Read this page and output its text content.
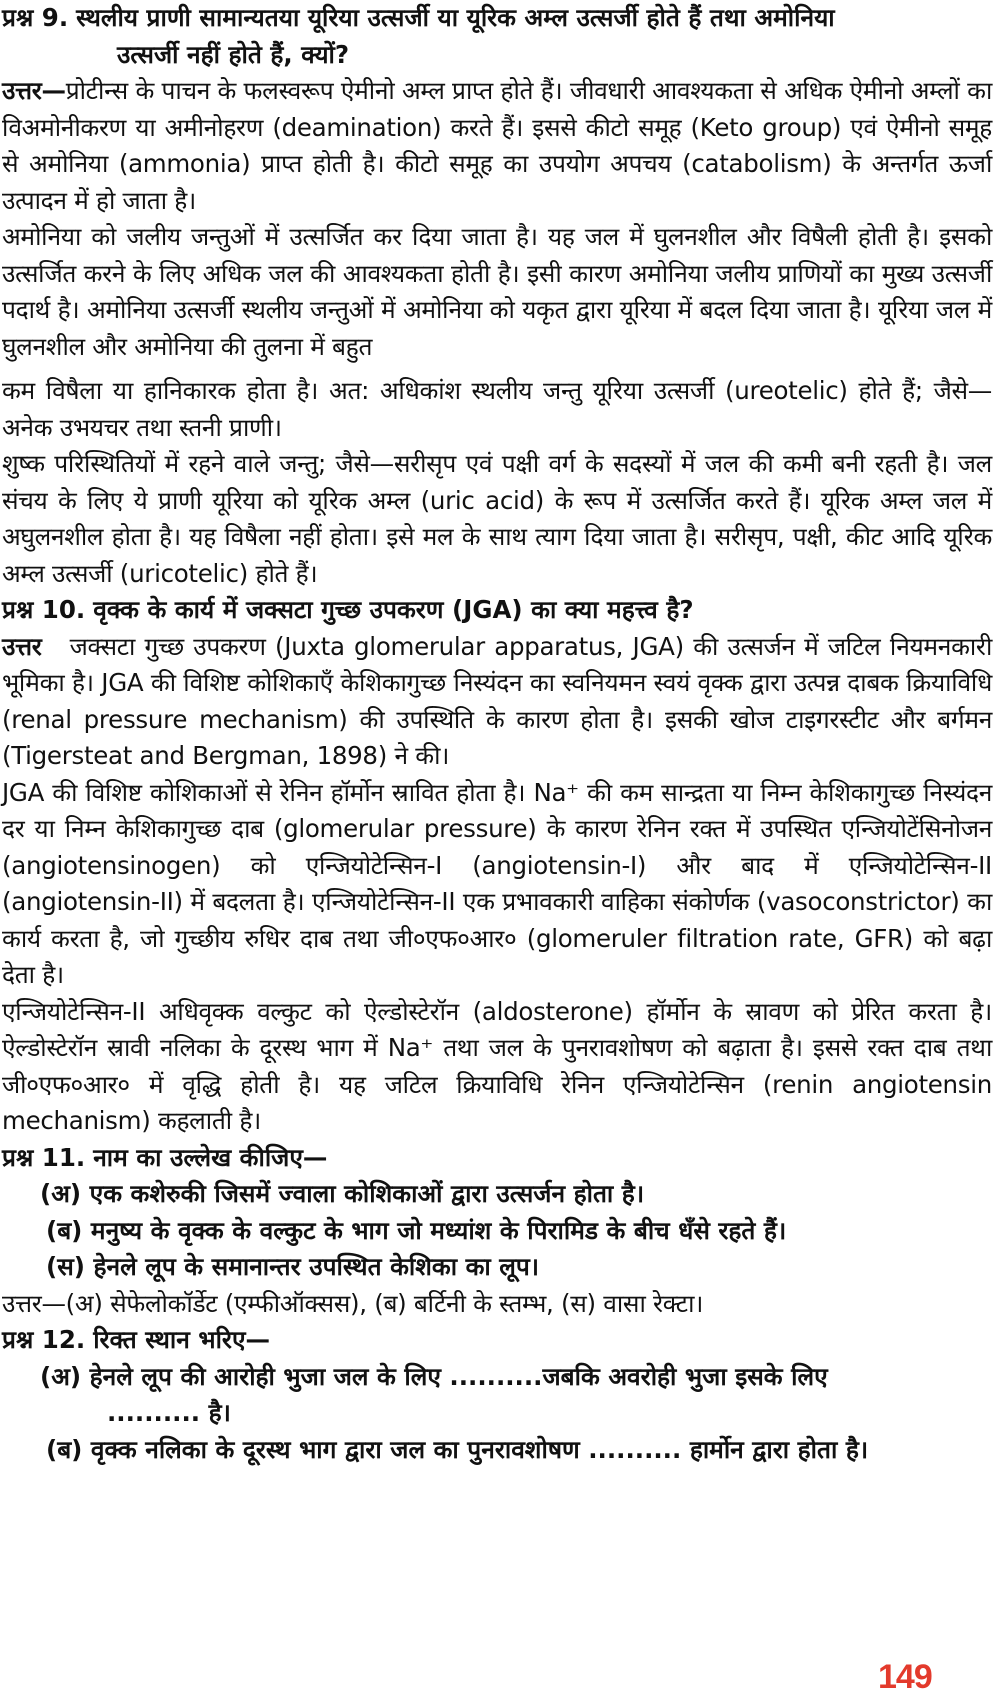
प्रश्न 9. स्थलीय प्राणी सामान्यतया यूरिया उत्सर्जी या यूरिक अम्ल उत्सर्जी होते हैं तथा अमोनिया

उत्सर्जी नहीं होते हैं, क्यों?

उत्तर—प्रोटीन्स के पाचन के फलस्वरूप ऐमीनो अम्ल प्राप्त होते हैं। जीवधारी आवश्यकता से अधिक ऐमीनो अम्लों का विअमोनीकरण या अमीनोहरण (deamination) करते हैं। इससे कीटो समूह (Keto group) एवं ऐमीनो समूह से अमोनिया (ammonia) प्राप्त होती है। कीटो समूह का उपयोग अपचय (catabolism) के अन्तर्गत ऊर्जा उत्पादन में हो जाता है।

अमोनिया को जलीय जन्तुओं में उत्सर्जित कर दिया जाता है। यह जल में घुलनशील और विषैली होती है। इसको उत्सर्जित करने के लिए अधिक जल की आवश्यकता होती है। इसी कारण अमोनिया जलीय प्राणियों का मुख्य उत्सर्जी पदार्थ है। अमोनिया उत्सर्जी स्थलीय जन्तुओं में अमोनिया को यकृत द्वारा यूरिया में बदल दिया जाता है। यूरिया जल में घुलनशील और अमोनिया की तुलना में बहुत

कम विषैला या हानिकारक होता है। अत: अधिकांश स्थलीय जन्तु यूरिया उत्सर्जी (ureotelic) होते हैं; जैसे— अनेक उभयचर तथा स्तनी प्राणी।

शुष्क परिस्थितियों में रहने वाले जन्तु; जैसे—सरीसृप एवं पक्षी वर्ग के सदस्यों में जल की कमी बनी रहती है। जल संचय के लिए ये प्राणी यूरिया को यूरिक अम्ल (uric acid) के रूप में उत्सर्जित करते हैं। यूरिक अम्ल जल में अघुलनशील होता है। यह विषैला नहीं होता। इसे मल के साथ त्याग दिया जाता है। सरीसृप, पक्षी, कीट आदि यूरिक अम्ल उत्सर्जी (uricotelic) होते हैं।

प्रश्न 10. वृक्क के कार्य में जक्सटा गुच्छ उपकरण (JGA) का क्या महत्त्व है?

उत्तर जक्सटा गुच्छ उपकरण (Juxta glomerular apparatus, JGA) की उत्सर्जन में जटिल नियमनकारी भूमिका है। JGA की विशिष्ट कोशिकाएँ केशिकागुच्छ निस्यंदन का स्वनियमन स्वयं वृक्क द्वारा उत्पन्न दाबक क्रियाविधि (renal pressure mechanism) की उपस्थिति के कारण होता है। इसकी खोज टाइगरस्टीट और बर्गमन (Tigersteat and Bergman, 1898) ने की।

JGA की विशिष्ट कोशिकाओं से रेनिन हॉर्मोन स्रावित होता है। Na⁺ की कम सान्द्रता या निम्न केशिकागुच्छ निस्यंदन दर या निम्न केशिकागुच्छ दाब (glomerular pressure) के कारण रेनिन रक्त में उपस्थित एन्जियोटेंसिनोजन (angiotensinogen) को एन्जियोटेन्सिन-I (angiotensin-I) और बाद में एन्जियोटेन्सिन-II (angiotensin-II) में बदलता है। एन्जियोटेन्सिन-II एक प्रभावकारी वाहिका संकोर्णक (vasoconstrictor) का कार्य करता है, जो गुच्छीय रुधिर दाब तथा जी०एफ०आर० (glomeruler filtration rate, GFR) को बढ़ा देता है।

एन्जियोटेन्सिन-II अधिवृक्क वल्कुट को ऐल्डोस्टेरॉन (aldosterone) हॉर्मोन के स्रावण को प्रेरित करता है। ऐल्डोस्टेरॉन स्रावी नलिका के दूरस्थ भाग में Na⁺ तथा जल के पुनरावशोषण को बढ़ाता है। इससे रक्त दाब तथा जी०एफ०आर० में वृद्धि होती है। यह जटिल क्रियाविधि रेनिन एन्जियोटेन्सिन (renin angiotensin mechanism) कहलाती है।

प्रश्न 11. नाम का उल्लेख कीजिए—

(अ) एक कशेरुकी जिसमें ज्वाला कोशिकाओं द्वारा उत्सर्जन होता है।

(ब) मनुष्य के वृक्क के वल्कुट के भाग जो मध्यांश के पिरामिड के बीच धँसे रहते हैं।

(स) हेनले लूप के समानान्तर उपस्थित केशिका का लूप।

उत्तर—(अ) सेफेलोकॉर्डेट (एम्फीऑक्सस), (ब) बर्टिनी के स्तम्भ, (स) वासा रेक्टा।

प्रश्न 12. रिक्त स्थान भरिए—

(अ) हेनले लूप की आरोही भुजा जल के लिए ..........जबकि अवरोही भुजा इसके लिए

.......... है।

(ब) वृक्क नलिका के दूरस्थ भाग द्वारा जल का पुनरावशोषण .......... हार्मोन द्वारा होता है।

149
